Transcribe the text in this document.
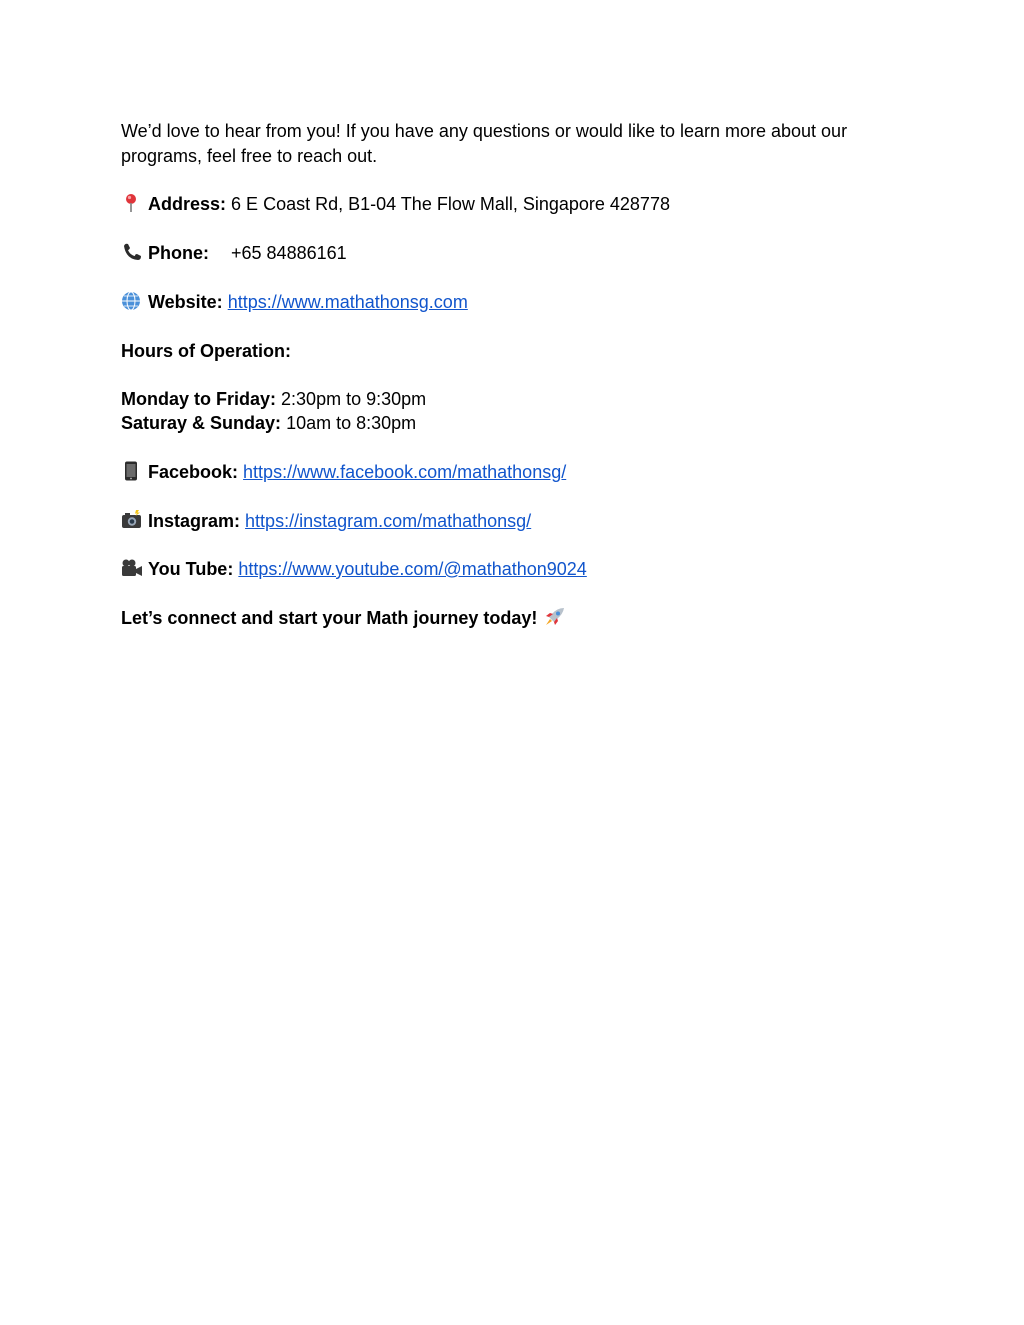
We’d love to hear from you! If you have any questions or would like to learn more about our
programs, feel free to reach out.
Address: 6 E Coast Rd, B1-04 The Flow Mall, Singapore 428778
Phone: +65 84886161
Website: https://www.mathathonsg.com
Hours of Operation:
Monday to Friday: 2:30pm to 9:30pm
Saturay & Sunday: 10am to 8:30pm
Facebook: https://www.facebook.com/mathathonsg/
Instagram: https://instagram.com/mathathonsg/
You Tube: https://www.youtube.com/@mathathon9024
Let’s connect and start your Math journey today!
